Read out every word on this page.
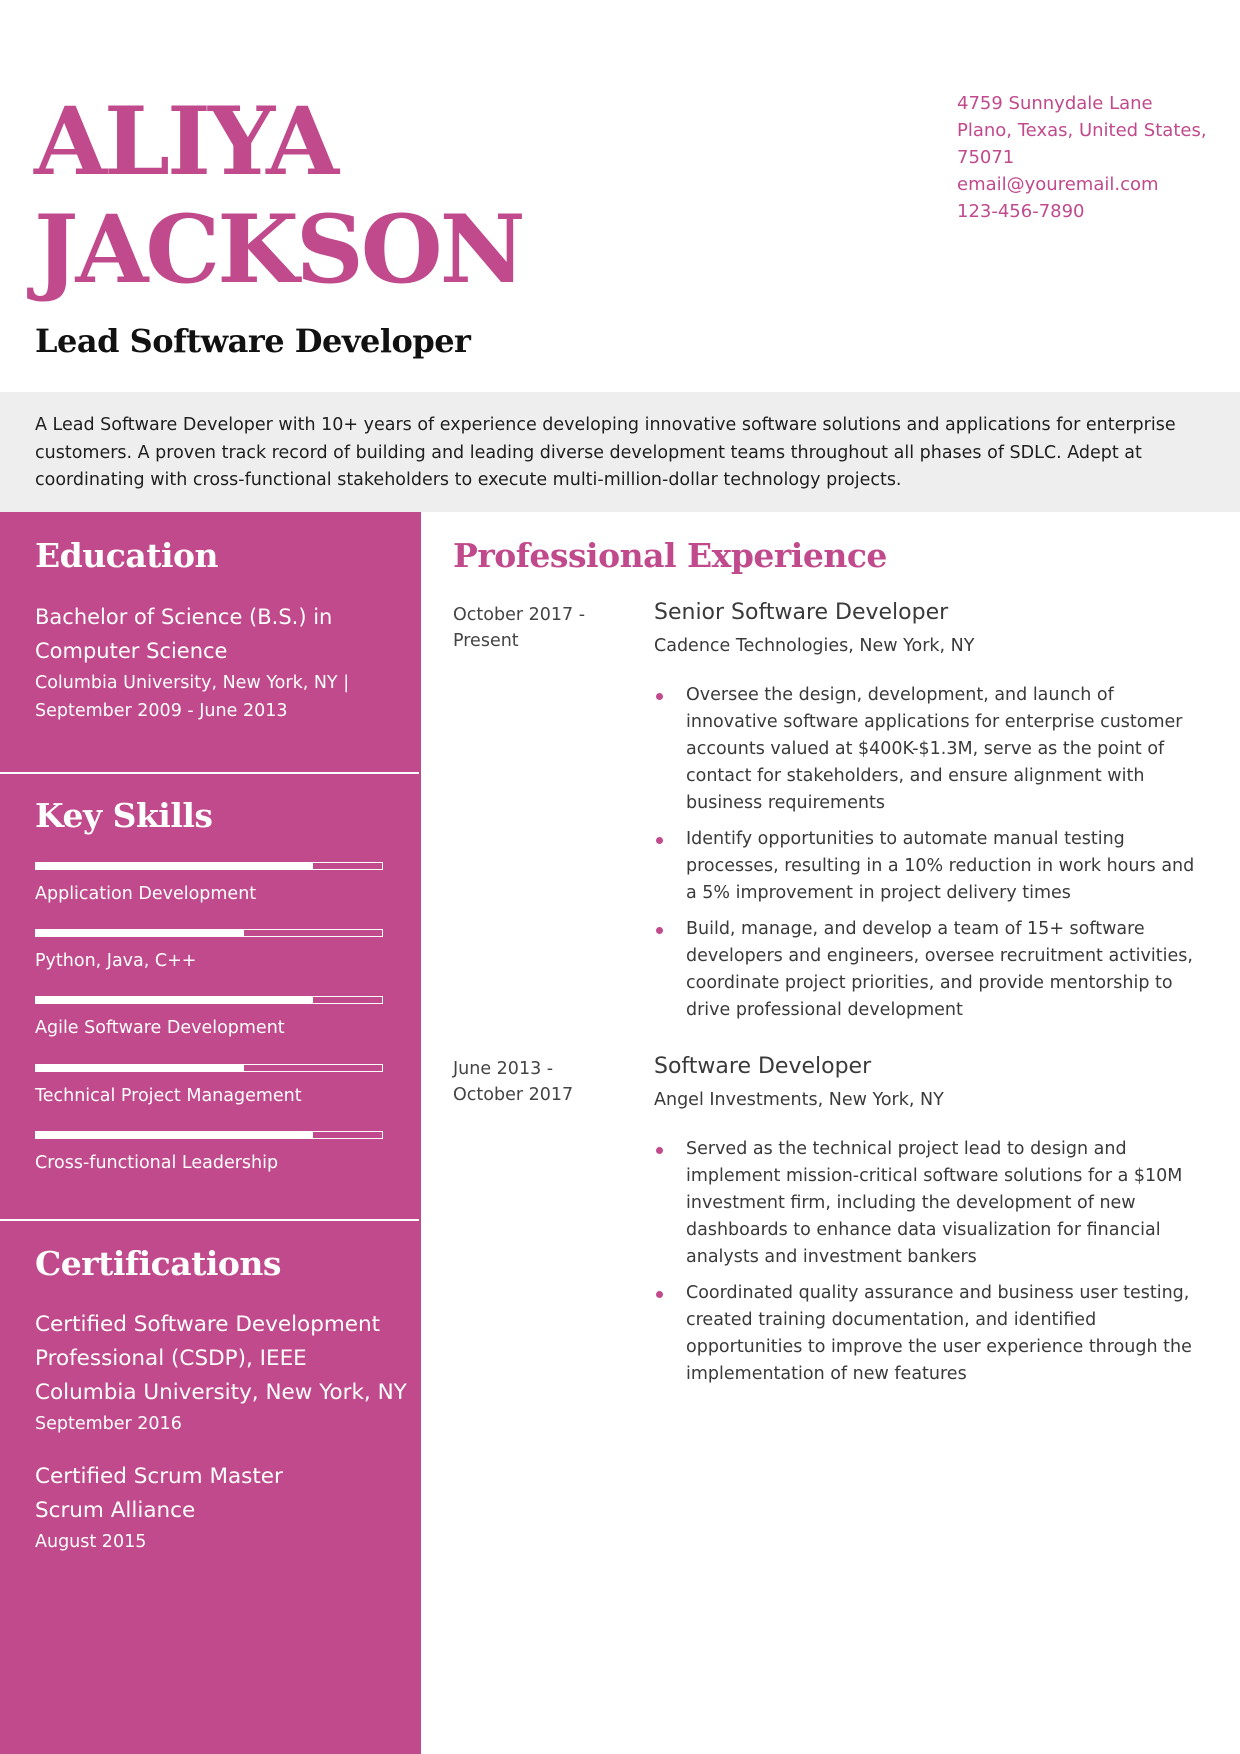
ALIYA
JACKSON
Lead Software Developer
4759 Sunnydale Lane
Plano, Texas, United States,
75071
email@youremail.com
123-456-7890

A Lead Software Developer with 10+ years of experience developing innovative software solutions and applications for enterprise customers. A proven track record of building and leading diverse development teams throughout all phases of SDLC. Adept at coordinating with cross-functional stakeholders to execute multi-million-dollar technology projects.

Education
Bachelor of Science (B.S.) in Computer Science
Columbia University, New York, NY |
September 2009 - June 2013
Key Skills
Application Development
Python, Java, C++
Agile Software Development
Technical Project Management
Cross-functional Leadership
Certifications
Certified Software Development Professional (CSDP), IEEE
Columbia University, New York, NY
September 2016
Certified Scrum Master
Scrum Alliance
August 2015
Professional Experience
October 2017 - Present
Senior Software Developer
Cadence Technologies, New York, NY
Oversee the design, development, and launch of innovative software applications for enterprise customer accounts valued at $400K-$1.3M, serve as the point of contact for stakeholders, and ensure alignment with business requirements
Identify opportunities to automate manual testing processes, resulting in a 10% reduction in work hours and a 5% improvement in project delivery times
Build, manage, and develop a team of 15+ software developers and engineers, oversee recruitment activities, coordinate project priorities, and provide mentorship to drive professional development
June 2013 - October 2017
Software Developer
Angel Investments, New York, NY
Served as the technical project lead to design and implement mission-critical software solutions for a $10M investment firm, including the development of new dashboards to enhance data visualization for financial analysts and investment bankers
Coordinated quality assurance and business user testing, created training documentation, and identified opportunities to improve the user experience through the implementation of new features
